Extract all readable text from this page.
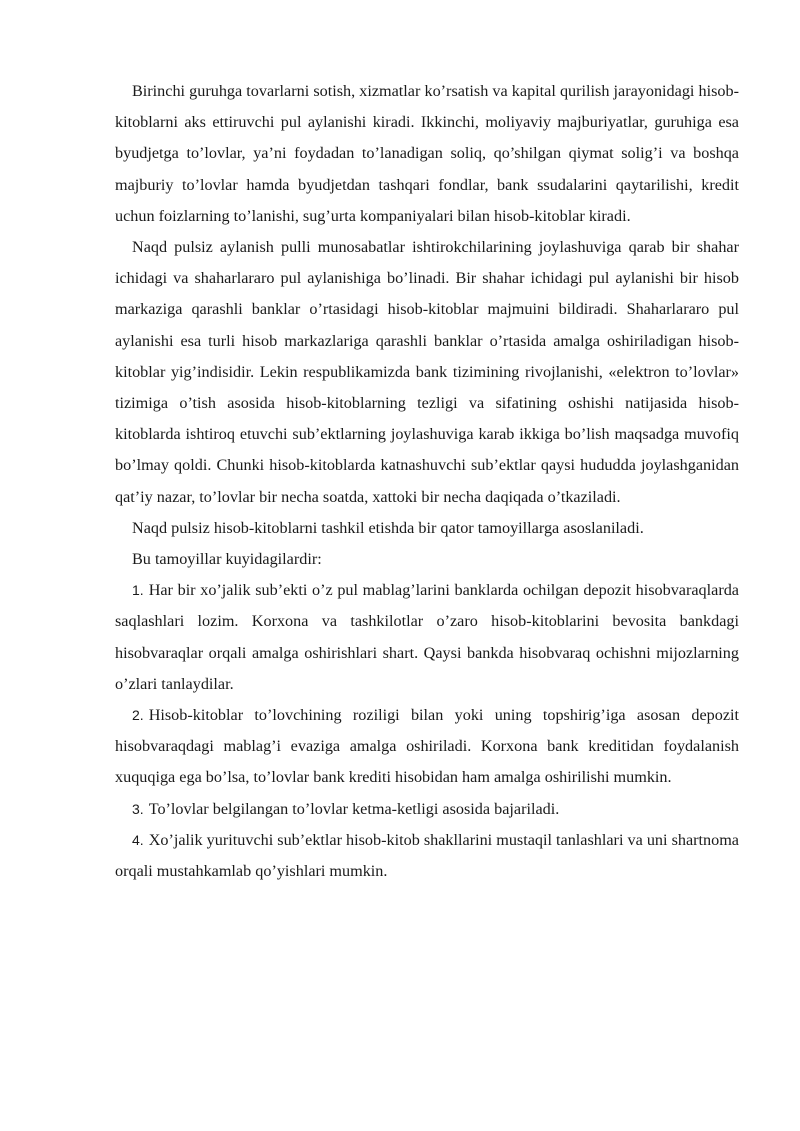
Birinchi guruhga tovarlarni sotish, xizmatlar ko’rsatish va kapital qurilish jarayonidagi hisob-kitoblarni aks ettiruvchi pul aylanishi kiradi. Ikkinchi, moliyaviy majburiyatlar, guruhiga esa byudjetga to’lovlar, ya’ni foydadan to’lanadigan soliq, qo’shilgan qiymat solig’i va boshqa majburiy to’lovlar hamda byudjetdan tashqari fondlar, bank ssudalarini qaytarilishi, kredit uchun foizlarning to’lanishi, sug’urta kompaniyalari bilan hisob-kitoblar kiradi.

Naqd pulsiz aylanish pulli munosabatlar ishtirokchilarining joylashuviga qarab bir shahar ichidagi va shaharlararo pul aylanishiga bo’linadi. Bir shahar ichidagi pul aylanishi bir hisob markaziga qarashli banklar o’rtasidagi hisob-kitoblar majmuini bildiradi. Shaharlararo pul aylanishi esa turli hisob markazlariga qarashli banklar o’rtasida amalga oshiriladigan hisob-kitoblar yig’indisidir. Lekin respublikamizda bank tizimining rivojlanishi, «elektron to’lovlar» tizimiga o’tish asosida hisob-kitoblarning tezligi va sifatining oshishi natijasida hisob-kitoblarda ishtiroq etuvchi sub’ektlarning joylashuviga karab ikkiga bo’lish maqsadga muvofiq bo’lmay qoldi. Chunki hisob-kitoblarda katnashuvchi sub’ektlar qaysi hududda joylashganidan qat’iy nazar, to’lovlar bir necha soatda, xattoki bir necha daqiqada o’tkaziladi.

Naqd pulsiz hisob-kitoblarni tashkil etishda bir qator tamoyillarga asoslaniladi.

Bu tamoyillar kuyidagilardir:

1. Har bir xo’jalik sub’ekti o’z pul mablag’larini banklarda ochilgan depozit hisobvaraqlarda saqlashlari lozim. Korxona va tashkilotlar o’zaro hisob-kitoblarini bevosita bankdagi hisobvaraqlar orqali amalga oshirishlari shart. Qaysi bankda hisobvaraq ochishni mijozlarning o’zlari tanlaydilar.

2. Hisob-kitoblar to’lovchining roziligi bilan yoki uning topshirig’iga asosan depozit hisobvaraqdagi mablag’i evaziga amalga oshiriladi. Korxona bank kreditidan foydalanish xuquqiga ega bo’lsa, to’lovlar bank krediti hisobidan ham amalga oshirilishi mumkin.

3. To’lovlar belgilangan to’lovlar ketma-ketligi asosida bajariladi.

4. Xo’jalik yurituvchi sub’ektlar hisob-kitob shakllarini mustaqil tanlashlari va uni shartnoma orqali mustahkamlab qo’yishlari mumkin.
